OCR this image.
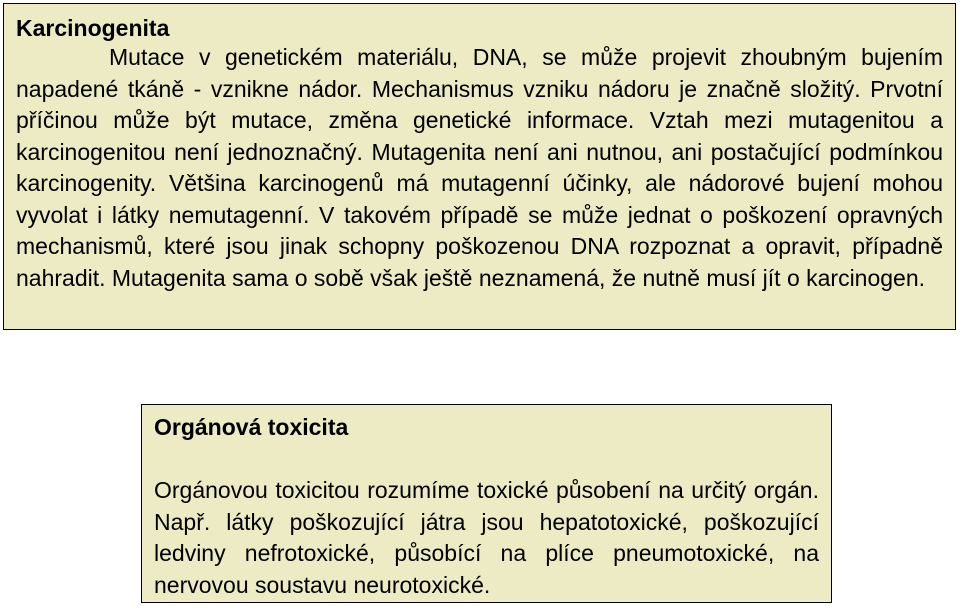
Karcinogenita

Mutace v genetickém materiálu, DNA, se může projevit zhoubným bujením napadené tkáně - vznikne nádor. Mechanismus vzniku nádoru je značně složitý. Prvotní příčinou může být mutace, změna genetické informace. Vztah mezi mutagenitou a karcinogenitou není jednoznačný. Mutagenita není ani nutnou, ani postačující podmínkou karcinogenity. Většina karcinogenů má mutagenní účinky, ale nádorové bujení mohou vyvolat i látky nemutagenní. V takovém případě se může jednat o poškození opravných mechanismů, které jsou jinak schopny poškozenou DNA rozpoznat a opravit, případně nahradit. Mutagenita sama o sobě však ještě neznamená, že nutně musí jít o karcinogen.

Orgánová toxicita

Orgánovou toxicitou rozumíme toxické působení na určitý orgán. Např. látky poškozující játra jsou hepatotoxické, poškozující ledviny nefrotoxické, působící na plíce pneumotoxické, na nervovou soustavu neurotoxické.
